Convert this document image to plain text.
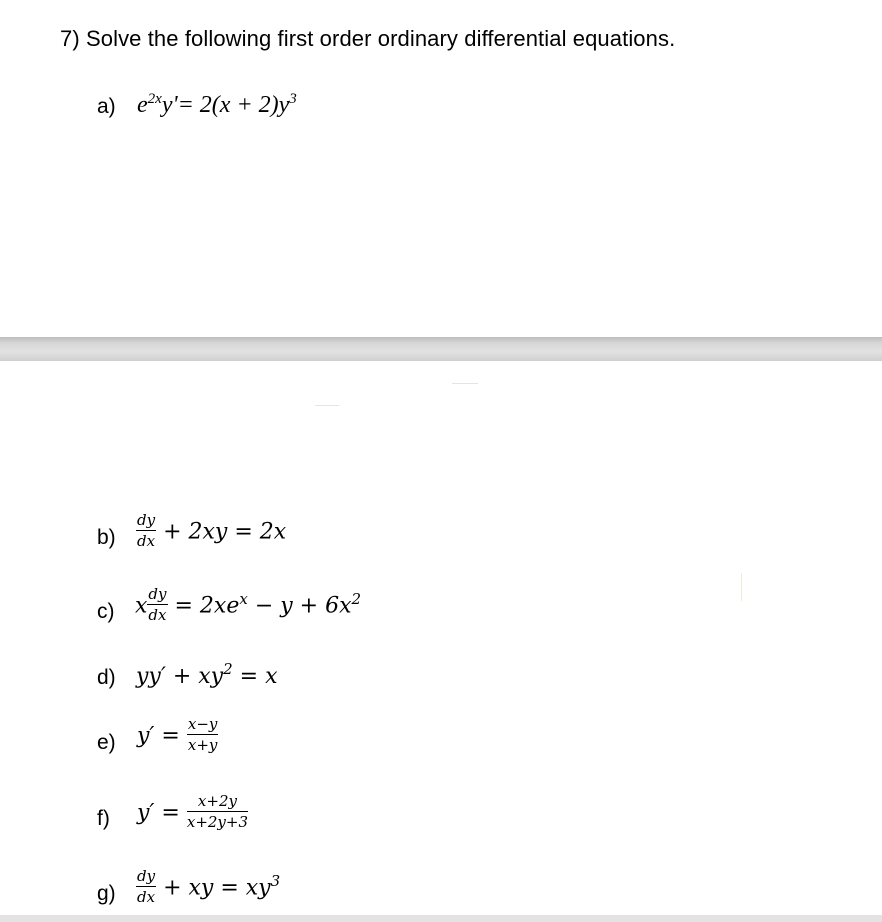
7) Solve the following first order ordinary differential equations.
a) $e^{2x}y'= 2(x + 2)y^3$
$b) \frac{dy}{dx} + 2xy = 2x$
c) x $\frac{dy}{dx} = 2xe^x - y + 6x^2$
d) $yy' + xy^2 = x$
e) $y' = \frac{x-y}{x+y}$
f) $y' = \frac{x+2y}{x+2y+3}$
$g) \frac{dy}{dx}$ + xy = $xy^3$
